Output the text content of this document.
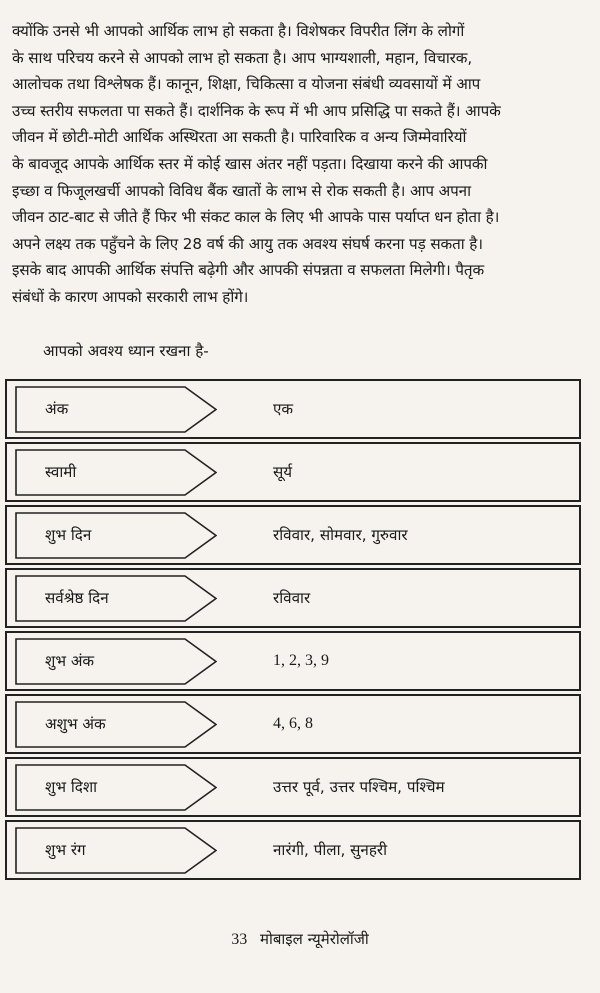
क्योंकि उनसे भी आपको आर्थिक लाभ हो सकता है। विशेषकर विपरीत लिंग के लोगों
के साथ परिचय करने से आपको लाभ हो सकता है। आप भाग्यशाली, महान, विचारक,
आलोचक तथा विश्लेषक हैं। कानून, शिक्षा, चिकित्सा व योजना संबंधी व्यवसायों में आप
उच्च स्तरीय सफलता पा सकते हैं। दार्शनिक के रूप में भी आप प्रसिद्धि पा सकते हैं। आपके
जीवन में छोटी-मोटी आर्थिक अस्थिरता आ सकती है। पारिवारिक व अन्य जिम्मेवारियों
के बावजूद आपके आर्थिक स्तर में कोई खास अंतर नहीं पड़ता। दिखाया करने की आपकी
इच्छा व फिजूलखर्ची आपको विविध बैंक खातों के लाभ से रोक सकती है। आप अपना
जीवन ठाट-बाट से जीते हैं फिर भी संकट काल के लिए भी आपके पास पर्याप्त धन होता है।
अपने लक्ष्य तक पहुँचने के लिए 28 वर्ष की आयु तक अवश्य संघर्ष करना पड़ सकता है।
इसके बाद आपकी आर्थिक संपत्ति बढ़ेगी और आपकी संपन्नता व सफलता मिलेगी। पैतृक
संबंधों के कारण आपको सरकारी लाभ होंगे।

आपको अवश्य ध्यान रखना है-

अंक	एक
स्वामी	सूर्य
शुभ दिन	रविवार, सोमवार, गुरुवार
सर्वश्रेष्ठ दिन	रविवार
शुभ अंक	1, 2, 3, 9
अशुभ अंक	4, 6, 8
शुभ दिशा	उत्तर पूर्व, उत्तर पश्चिम, पश्चिम
शुभ रंग	नारंगी, पीला, सुनहरी
33 मोबाइल न्यूमेरोलॉजी
